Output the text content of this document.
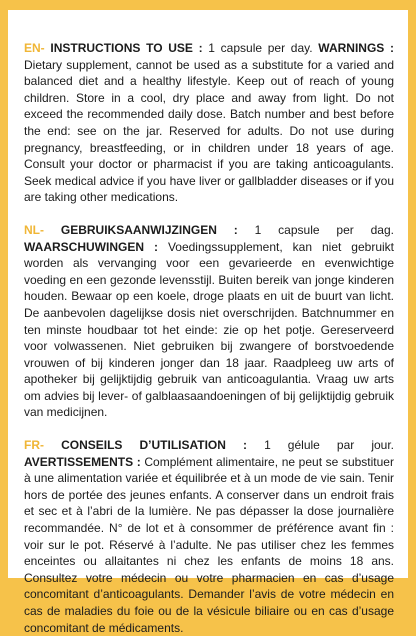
EN- INSTRUCTIONS TO USE : 1 capsule per day. WARNINGS : Dietary supplement, cannot be used as a substitute for a varied and balanced diet and a healthy lifestyle. Keep out of reach of young children. Store in a cool, dry place and away from light. Do not exceed the recommended daily dose. Batch number and best before the end: see on the jar. Reserved for adults. Do not use during pregnancy, breastfeeding, or in children under 18 years of age. Consult your doctor or pharmacist if you are taking anticoagulants. Seek medical advice if you have liver or gallbladder diseases or if you are taking other medications.

NL- GEBRUIKSAANWIJZINGEN : 1 capsule per dag. WAARSCHUWINGEN : Voedingssupplement, kan niet gebruikt worden als vervanging voor een gevarieerde en evenwichtige voeding en een gezonde levensstijl. Buiten bereik van jonge kinderen houden. Bewaar op een koele, droge plaats en uit de buurt van licht. De aanbevolen dagelijkse dosis niet overschrijden. Batchnummer en ten minste houdbaar tot het einde: zie op het potje. Gereserveerd voor volwassenen. Niet gebruiken bij zwangere of borstvoedende vrouwen of bij kinderen jonger dan 18 jaar. Raadpleeg uw arts of apotheker bij gelijktijdig gebruik van anticoagulantia. Vraag uw arts om advies bij lever- of galblaasaandoeningen of bij gelijktijdig gebruik van medicijnen.

FR- CONSEILS D’UTILISATION : 1 gélule par jour. AVERTISSEMENTS : Complément alimentaire, ne peut se substituer à une alimentation variée et équilibrée et à un mode de vie sain. Tenir hors de portée des jeunes enfants. A conserver dans un endroit frais et sec et à l’abri de la lumière. Ne pas dépasser la dose journalière recommandée. N° de lot et à consommer de préférence avant fin : voir sur le pot. Réservé à l’adulte. Ne pas utiliser chez les femmes enceintes ou allaitantes ni chez les enfants de moins 18 ans. Consultez votre médecin ou votre pharmacien en cas d’usage concomitant d’anticoagulants. Demander l’avis de votre médecin en cas de maladies du foie ou de la vésicule biliaire ou en cas d’usage concomitant de médicaments.
